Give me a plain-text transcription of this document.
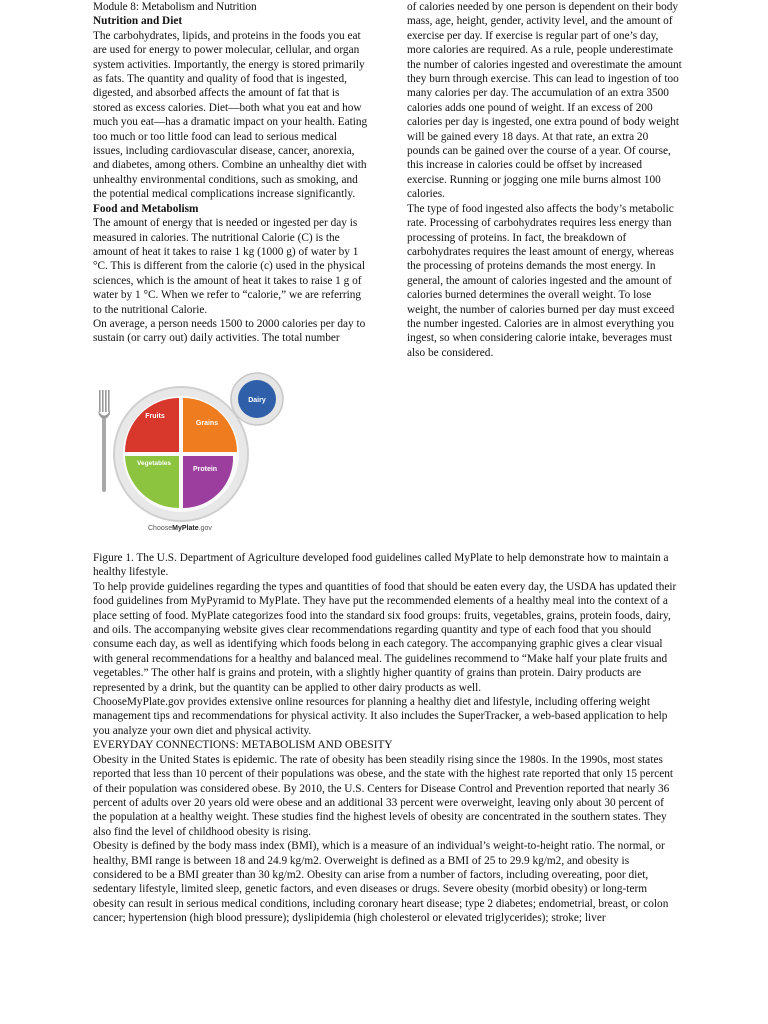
Module 8: Metabolism and Nutrition

Nutrition and Diet

The carbohydrates, lipids, and proteins in the foods you eat are used for energy to power molecular, cellular, and organ system activities. Importantly, the energy is stored primarily as fats. The quantity and quality of food that is ingested, digested, and absorbed affects the amount of fat that is stored as excess calories. Diet—both what you eat and how much you eat—has a dramatic impact on your health. Eating too much or too little food can lead to serious medical issues, including cardiovascular disease, cancer, anorexia, and diabetes, among others. Combine an unhealthy diet with unhealthy environmental conditions, such as smoking, and the potential medical complications increase significantly.

Food and Metabolism

The amount of energy that is needed or ingested per day is measured in calories. The nutritional Calorie (C) is the amount of heat it takes to raise 1 kg (1000 g) of water by 1 °C. This is different from the calorie (c) used in the physical sciences, which is the amount of heat it takes to raise 1 g of water by 1 °C. When we refer to “calorie,” we are referring to the nutritional Calorie.

On average, a person needs 1500 to 2000 calories per day to sustain (or carry out) daily activities. The total number

of calories needed by one person is dependent on their body mass, age, height, gender, activity level, and the amount of exercise per day. If exercise is regular part of one’s day, more calories are required. As a rule, people underestimate the number of calories ingested and overestimate the amount they burn through exercise. This can lead to ingestion of too many calories per day. The accumulation of an extra 3500 calories adds one pound of weight. If an excess of 200 calories per day is ingested, one extra pound of body weight will be gained every 18 days. At that rate, an extra 20 pounds can be gained over the course of a year. Of course, this increase in calories could be offset by increased exercise. Running or jogging one mile burns almost 100 calories.

The type of food ingested also affects the body’s metabolic rate. Processing of carbohydrates requires less energy than processing of proteins. In fact, the breakdown of carbohydrates requires the least amount of energy, whereas the processing of proteins demands the most energy. In general, the amount of calories ingested and the amount of calories burned determines the overall weight. To lose weight, the number of calories burned per day must exceed the number ingested. Calories are in almost everything you ingest, so when considering calorie intake, beverages must also be considered.

Fruits
Grains
Vegetables
Protein
Dairy
ChooseMyPlate.gov

Figure 1. The U.S. Department of Agriculture developed food guidelines called MyPlate to help demonstrate how to maintain a healthy lifestyle.

To help provide guidelines regarding the types and quantities of food that should be eaten every day, the USDA has updated their food guidelines from MyPyramid to MyPlate. They have put the recommended elements of a healthy meal into the context of a place setting of food. MyPlate categorizes food into the standard six food groups: fruits, vegetables, grains, protein foods, dairy, and oils. The accompanying website gives clear recommendations regarding quantity and type of each food that you should consume each day, as well as identifying which foods belong in each category. The accompanying graphic gives a clear visual with general recommendations for a healthy and balanced meal. The guidelines recommend to “Make half your plate fruits and vegetables.” The other half is grains and protein, with a slightly higher quantity of grains than protein. Dairy products are represented by a drink, but the quantity can be applied to other dairy products as well.

ChooseMyPlate.gov provides extensive online resources for planning a healthy diet and lifestyle, including offering weight management tips and recommendations for physical activity. It also includes the SuperTracker, a web-based application to help you analyze your own diet and physical activity.

EVERYDAY CONNECTIONS: METABOLISM AND OBESITY

Obesity in the United States is epidemic. The rate of obesity has been steadily rising since the 1980s. In the 1990s, most states reported that less than 10 percent of their populations was obese, and the state with the highest rate reported that only 15 percent of their population was considered obese. By 2010, the U.S. Centers for Disease Control and Prevention reported that nearly 36 percent of adults over 20 years old were obese and an additional 33 percent were overweight, leaving only about 30 percent of the population at a healthy weight. These studies find the highest levels of obesity are concentrated in the southern states. They also find the level of childhood obesity is rising.

Obesity is defined by the body mass index (BMI), which is a measure of an individual’s weight-to-height ratio. The normal, or healthy, BMI range is between 18 and 24.9 kg/m2. Overweight is defined as a BMI of 25 to 29.9 kg/m2, and obesity is considered to be a BMI greater than 30 kg/m2. Obesity can arise from a number of factors, including overeating, poor diet, sedentary lifestyle, limited sleep, genetic factors, and even diseases or drugs. Severe obesity (morbid obesity) or long-term obesity can result in serious medical conditions, including coronary heart disease; type 2 diabetes; endometrial, breast, or colon cancer; hypertension (high blood pressure); dyslipidemia (high cholesterol or elevated triglycerides); stroke; liver
